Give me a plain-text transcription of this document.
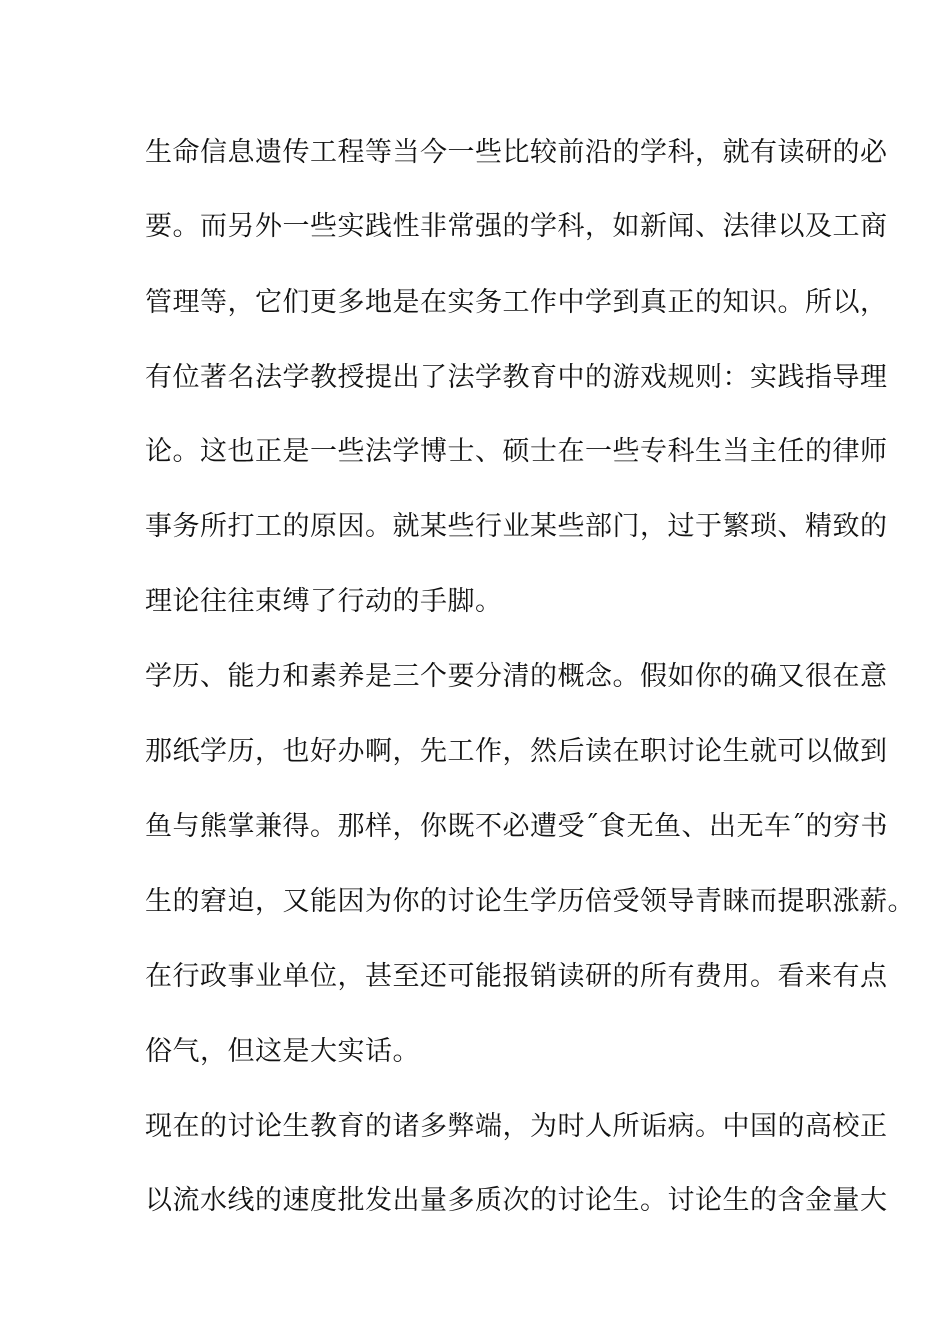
生命信息遗传工程等当今一些比较前沿的学科，就有读研的必
要。而另外一些实践性非常强的学科，如新闻、法律以及工商
管理等，它们更多地是在实务工作中学到真正的知识。所以，
有位著名法学教授提出了法学教育中的游戏规则：实践指导理
论。这也正是一些法学博士、硕士在一些专科生当主任的律师
事务所打工的原因。就某些行业某些部门，过于繁琐、精致的
理论往往束缚了行动的手脚。
学历、能力和素养是三个要分清的概念。假如你的确又很在意
那纸学历，也好办啊，先工作，然后读在职讨论生就可以做到
鱼与熊掌兼得。那样，你既不必遭受˝食无鱼、出无车˝的穷书
生的窘迫，又能因为你的讨论生学历倍受领导青睐而提职涨薪。
在行政事业单位，甚至还可能报销读研的所有费用。看来有点
俗气，但这是大实话。
现在的讨论生教育的诸多弊端，为时人所诟病。中国的高校正
以流水线的速度批发出量多质次的讨论生。讨论生的含金量大
